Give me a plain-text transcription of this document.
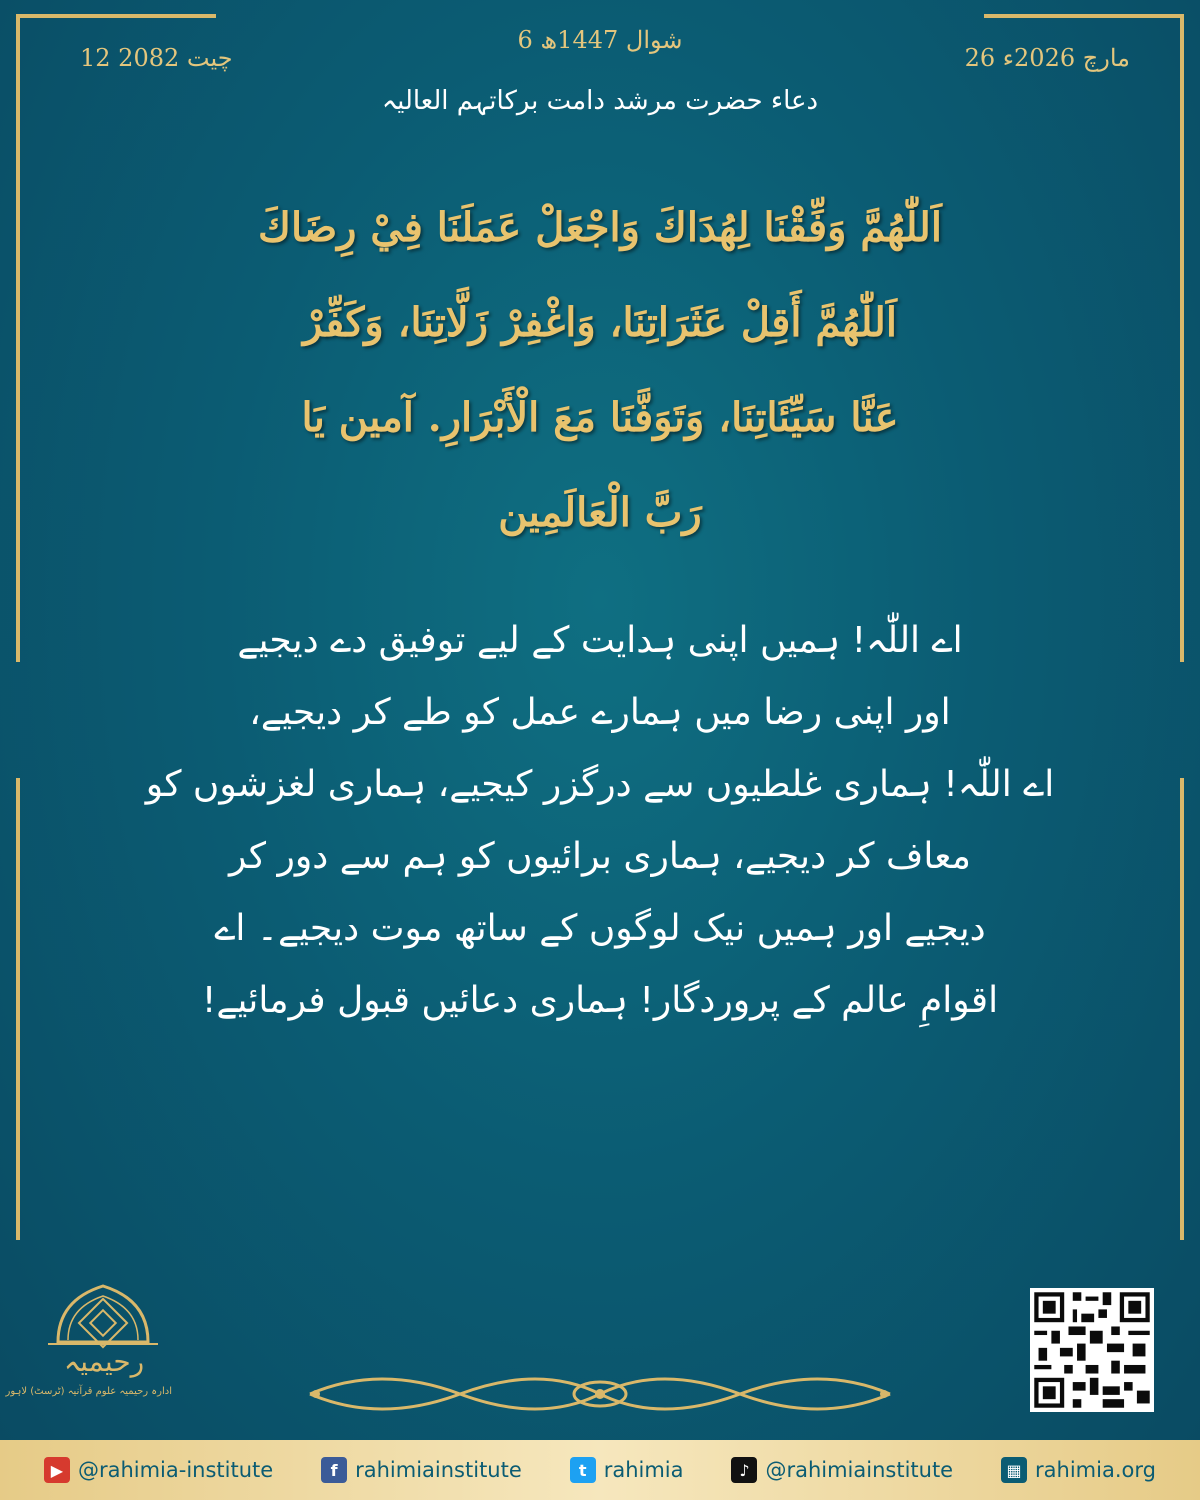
6 شوال 1447ھ
26 مارچ 2026ء
12 چیت 2082
دعاء حضرت مرشد دامت برکاتہم العالیہ
اَللّٰهُمَّ وَفِّقْنَا لِهُدَاكَ وَاجْعَلْ عَمَلَنَا فِيْ رِضَاكَ
اَللّٰهُمَّ أَقِلْ عَثَرَاتِنَا، وَاغْفِرْ زَلَّاتِنَا، وَكَفِّرْ
عَنَّا سَيِّئَاتِنَا، وَتَوَفَّنَا مَعَ الْأَبْرَارِ. آمين يَا
رَبَّ الْعَالَمِين
اے اللّٰہ! ہمیں اپنی ہدایت کے لیے توفیق دے دیجیے
اور اپنی رضا میں ہمارے عمل کو طے کر دیجیے،
اے اللّٰہ! ہماری غلطیوں سے درگزر کیجیے، ہماری لغزشوں کو
معاف کر دیجیے، ہماری برائیوں کو ہم سے دور کر
دیجیے اور ہمیں نیک لوگوں کے ساتھ موت دیجیے۔ اے
اقوامِ عالم کے پروردگار! ہماری دعائیں قبول فرمائیے!
رحیمیہ
ادارہ رحیمیہ علوم قرآنیہ (ٹرسٹ) لاہور
▶ @rahimia-institute	f rahimiainstitute	t rahimia	♪ @rahimiainstitute	▦ rahimia.org
